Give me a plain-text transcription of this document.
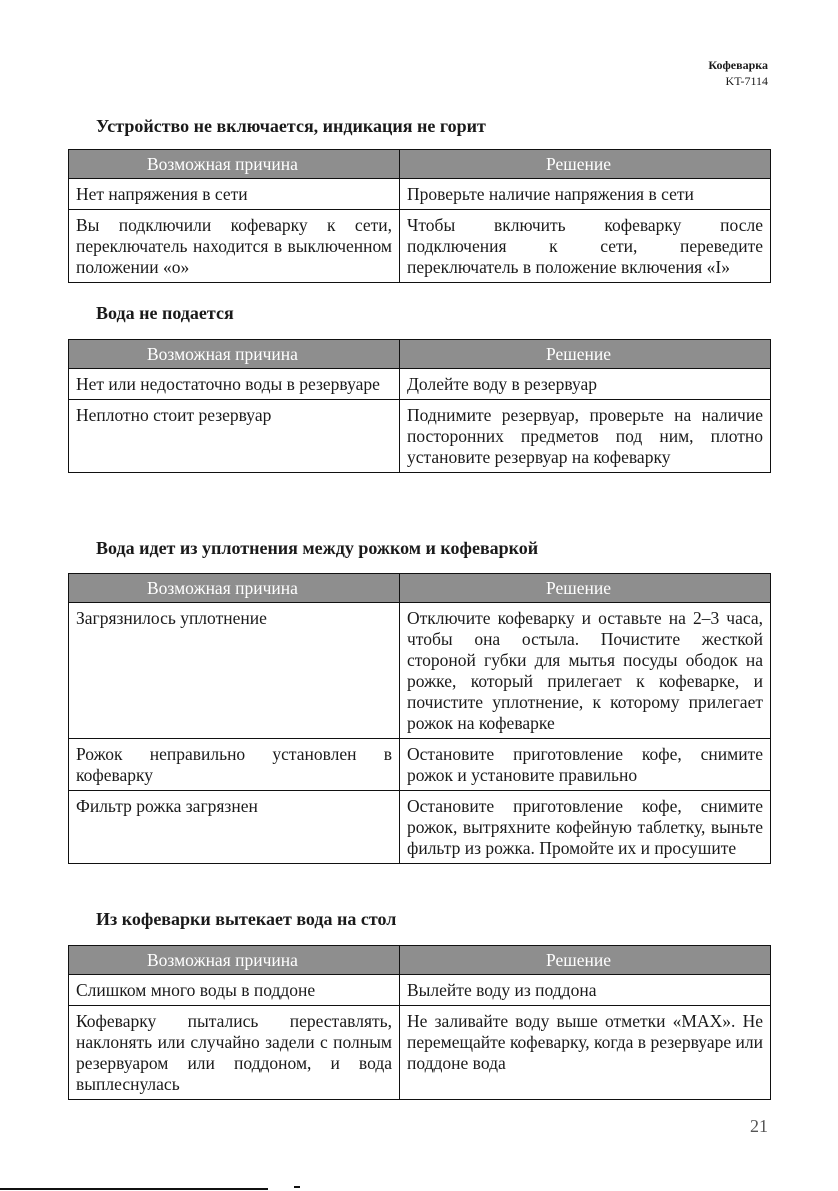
Кофеварка
KT-7114
Устройство не включается, индикация не горит
Возможная причина	Решение
Нет напряжения в сети	Проверьте наличие напряжения в сети
Вы подключили кофеварку к сети, переключатель находится в выключенном положении «o»	Чтобы включить кофеварку после подключения к сети, переведите переключатель в положение включения «I»
Вода не подается
Возможная причина	Решение
Нет или недостаточно воды в резервуаре	Долейте воду в резервуар
Неплотно стоит резервуар	Поднимите резервуар, проверьте на наличие посторонних предметов под ним, плотно установите резервуар на кофеварку
Вода идет из уплотнения между рожком и кофеваркой
Возможная причина	Решение
Загрязнилось уплотнение	Отключите кофеварку и оставьте на 2–3 часа, чтобы она остыла. Почистите жесткой стороной губки для мытья посуды ободок на рожке, который прилегает к кофеварке, и почистите уплотнение, к которому прилегает рожок на кофеварке
Рожок неправильно установлен в кофеварку	Остановите приготовление кофе, снимите рожок и установите правильно
Фильтр рожка загрязнен	Остановите приготовление кофе, снимите рожок, вытряхните кофейную таблетку, выньте фильтр из рожка. Промойте их и просушите
Из кофеварки вытекает вода на стол
Возможная причина	Решение
Слишком много воды в поддоне	Вылейте воду из поддона
Кофеварку пытались переставлять, наклонять или случайно задели с полным резервуаром или поддоном, и вода выплеснулась	Не заливайте воду выше отметки «MAX». Не перемещайте кофеварку, когда в резервуаре или поддоне вода
21
